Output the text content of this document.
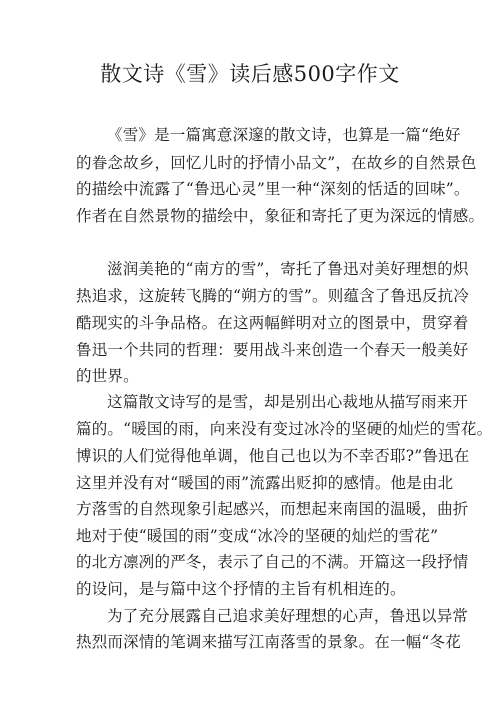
散文诗《雪》读后感500字作文

《雪》是一篇寓意深邃的散文诗，也算是一篇“绝好

的眷念故乡，回忆儿时的抒情小品文”，在故乡的自然景色

的描绘中流露了“鲁迅心灵”里一种“深刻的恬适的回味”。

作者在自然景物的描绘中，象征和寄托了更为深远的情感。

滋润美艳的“南方的雪”，寄托了鲁迅对美好理想的炽

热追求，这旋转飞腾的“朔方的雪”。则蕴含了鲁迅反抗冷

酷现实的斗争品格。在这两幅鲜明对立的图景中，贯穿着

鲁迅一个共同的哲理：要用战斗来创造一个春天一般美好

的世界。

这篇散文诗写的是雪，却是别出心裁地从描写雨来开

篇的。“暖国的雨，向来没有变过冰冷的坚硬的灿烂的雪花。

博识的人们觉得他单调，他自己也以为不幸否耶?”鲁迅在

这里并没有对“暖国的雨”流露出贬抑的感情。他是由北

方落雪的自然现象引起感兴，而想起来南国的温暖，曲折

地对于使“暖国的雨”变成“冰冷的坚硬的灿烂的雪花”

的北方凛冽的严冬，表示了自己的不满。开篇这一段抒情

的设问，是与篇中这个抒情的主旨有机相连的。

为了充分展露自己追求美好理想的心声，鲁迅以异常

热烈而深情的笔调来描写江南落雪的景象。在一幅“冬花
